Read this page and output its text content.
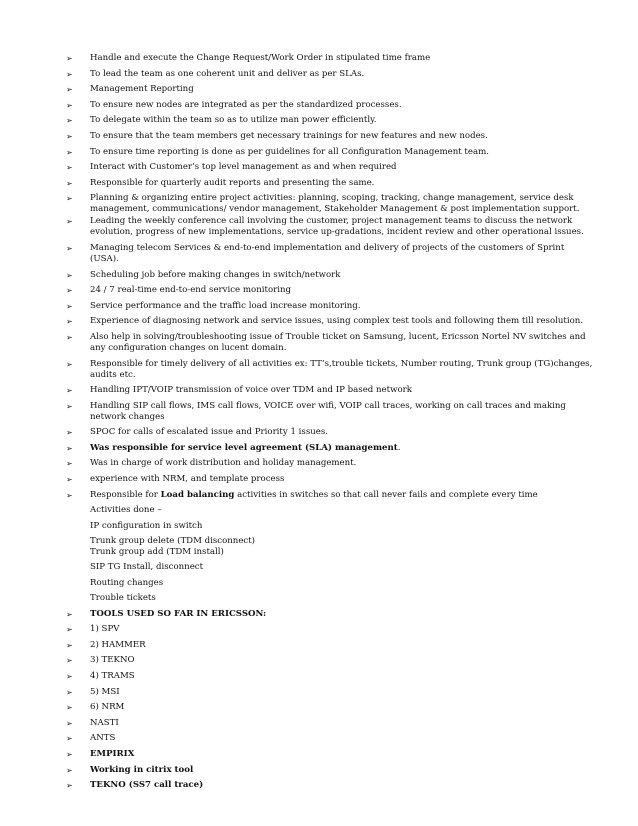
➢	Handle and execute the Change Request/Work Order in stipulated time frame
➢	To lead the team as one coherent unit and deliver as per SLAs.
➢	Management Reporting
➢	To ensure new nodes are integrated as per the standardized processes.
➢	To delegate within the team so as to utilize man power efficiently.
➢	To ensure that the team members get necessary trainings for new features and new nodes.
➢	To ensure time reporting is done as per guidelines for all Configuration Management team.
➢	Interact with Customer’s top level management as and when required
➢	Responsible for quarterly audit reports and presenting the same.
➢	Planning & organizing entire project activities: planning, scoping, tracking, change management, service desk management, communications/ vendor management, Stakeholder Management & post implementation support.
➢	Leading the weekly conference call involving the customer, project management teams to discuss the network evolution, progress of new implementations, service up-gradations, incident review and other operational issues.
➢	Managing telecom Services & end-to-end implementation and delivery of projects of the customers of Sprint (USA).
➢	Scheduling job before making changes in switch/network
➢	24 / 7 real-time end-to-end service monitoring
➢	Service performance and the traffic load increase monitoring.
➢	Experience of diagnosing network and service issues, using complex test tools and following them till resolution.
➢	Also help in solving/troubleshooting issue of Trouble ticket on Samsung, lucent, Ericsson Nortel NV switches and any configuration changes on lucent domain.
➢	Responsible for timely delivery of all activities ex: TT’s,trouble tickets, Number routing, Trunk group (TG)changes, audits etc.
➢	Handling IPT/VOIP transmission of voice over TDM and IP based network
➢	Handling SIP call flows, IMS call flows, VOICE over wifi, VOIP call traces, working on call traces and making network changes
➢	SPOC for calls of escalated issue and Priority 1 issues.
➢	Was responsible for service level agreement (SLA) management.
➢	Was in charge of work distribution and holiday management.
➢	experience with NRM, and template process
➢	Responsible for Load balancing activities in switches so that call never fails and complete every time
Activities done –
IP configuration in switch
Trunk group delete (TDM disconnect)
Trunk group add (TDM install)
SIP TG Install, disconnect
Routing changes
Trouble tickets
➢	TOOLS USED SO FAR IN ERICSSON:
➢	1) SPV
➢	2) HAMMER
➢	3) TEKNO
➢	4) TRAMS
➢	5) MSI
➢	6) NRM
➢	NASTI
➢	ANTS
➢	EMPIRIX
➢	Working in citrix tool
➢	TEKNO (SS7 call trace)
